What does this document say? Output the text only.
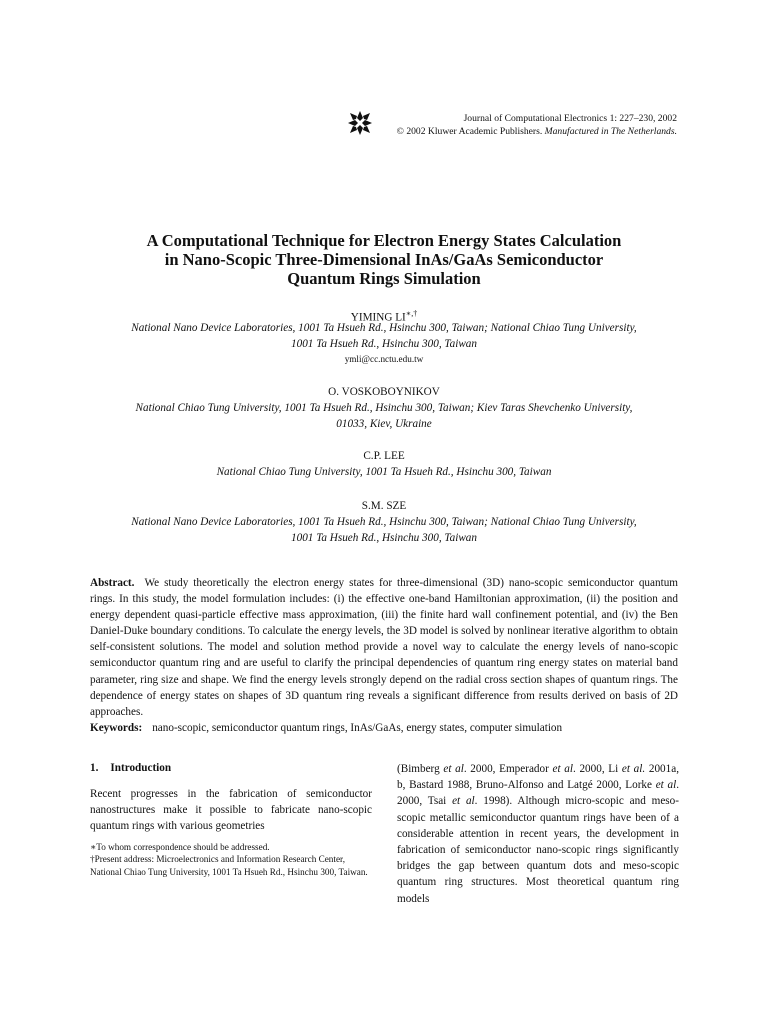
Journal of Computational Electronics 1: 227–230, 2002
© 2002 Kluwer Academic Publishers. Manufactured in The Netherlands.
A Computational Technique for Electron Energy States Calculation
in Nano-Scopic Three-Dimensional InAs/GaAs Semiconductor
Quantum Rings Simulation
YIMING LI∗,†
National Nano Device Laboratories, 1001 Ta Hsueh Rd., Hsinchu 300, Taiwan; National Chiao Tung University,
1001 Ta Hsueh Rd., Hsinchu 300, Taiwan
ymli@cc.nctu.edu.tw
O. VOSKOBOYNIKOV
National Chiao Tung University, 1001 Ta Hsueh Rd., Hsinchu 300, Taiwan; Kiev Taras Shevchenko University,
01033, Kiev, Ukraine
C.P. LEE
National Chiao Tung University, 1001 Ta Hsueh Rd., Hsinchu 300, Taiwan
S.M. SZE
National Nano Device Laboratories, 1001 Ta Hsueh Rd., Hsinchu 300, Taiwan; National Chiao Tung University,
1001 Ta Hsueh Rd., Hsinchu 300, Taiwan
Abstract. We study theoretically the electron energy states for three-dimensional (3D) nano-scopic semiconductor quantum rings. In this study, the model formulation includes: (i) the effective one-band Hamiltonian approximation, (ii) the position and energy dependent quasi-particle effective mass approximation, (iii) the finite hard wall confinement potential, and (iv) the Ben Daniel-Duke boundary conditions. To calculate the energy levels, the 3D model is solved by nonlinear iterative algorithm to obtain self-consistent solutions. The model and solution method provide a novel way to calculate the energy levels of nano-scopic semiconductor quantum ring and are useful to clarify the principal dependencies of quantum ring energy states on material band parameter, ring size and shape. We find the energy levels strongly depend on the radial cross section shapes of quantum rings. The dependence of energy states on shapes of 3D quantum ring reveals a significant difference from results derived on basis of 2D approaches.
Keywords: nano-scopic, semiconductor quantum rings, InAs/GaAs, energy states, computer simulation
1. Introduction

Recent progresses in the fabrication of semiconductor nanostructures make it possible to fabricate nano-scopic quantum rings with various geometries

∗To whom correspondence should be addressed.

†Present address: Microelectronics and Information Research Center, National Chiao Tung University, 1001 Ta Hsueh Rd., Hsinchu 300, Taiwan.

(Bimberg et al. 2000, Emperador et al. 2000, Li et al. 2001a, b, Bastard 1988, Bruno-Alfonso and Latgé 2000, Lorke et al. 2000, Tsai et al. 1998). Although micro-scopic and meso-scopic metallic semiconductor quantum rings have been of a considerable attention in recent years, the development in fabrication of semiconductor nano-scopic rings significantly bridges the gap between quantum dots and meso-scopic quantum ring structures. Most theoretical quantum ring models
